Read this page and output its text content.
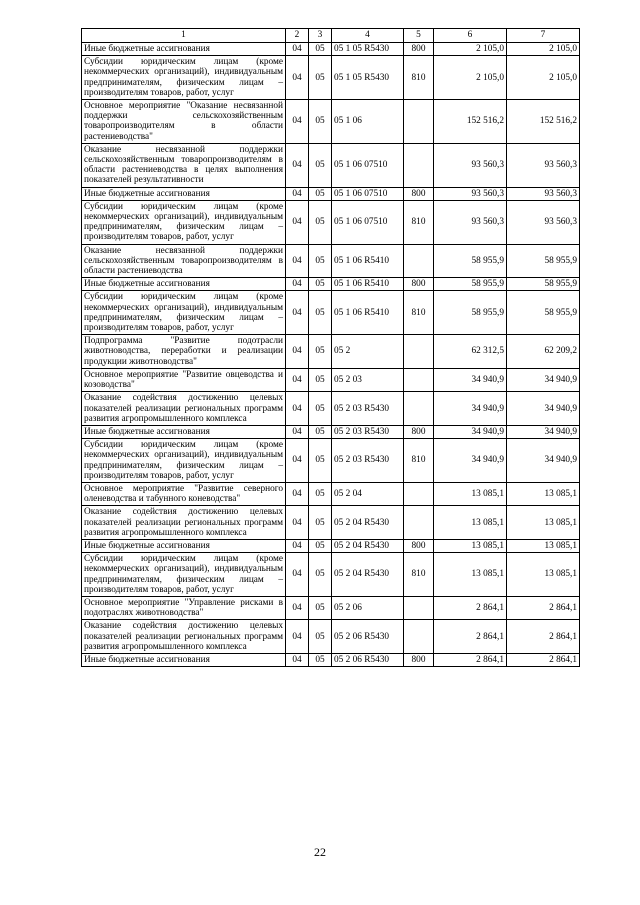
1	2	3	4	5	6	7
Иные бюджетные ассигнования	04	05	05 1 05 R5430	800	2 105,0	2 105,0
Субсидии юридическим лицам (кроме некоммерческих организаций), индивидуальным предпринимателям, физическим лицам – производителям товаров, работ, услуг	04	05	05 1 05 R5430	810	2 105,0	2 105,0
Основное мероприятие "Оказание несвязанной поддержки сельскохозяйственным товаропроизводителям в области растениеводства"	04	05	05 1 06		152 516,2	152 516,2
Оказание несвязанной поддержки сельскохозяйственным товаропроизводителям в области растениеводства в целях выполнения показателей результативности	04	05	05 1 06 07510		93 560,3	93 560,3
Иные бюджетные ассигнования	04	05	05 1 06 07510	800	93 560,3	93 560,3
Субсидии юридическим лицам (кроме некоммерческих организаций), индивидуальным предпринимателям, физическим лицам – производителям товаров, работ, услуг	04	05	05 1 06 07510	810	93 560,3	93 560,3
Оказание несвязанной поддержки сельскохозяйственным товаропроизводителям в области растениеводства	04	05	05 1 06 R5410		58 955,9	58 955,9
Иные бюджетные ассигнования	04	05	05 1 06 R5410	800	58 955,9	58 955,9
Субсидии юридическим лицам (кроме некоммерческих организаций), индивидуальным предпринимателям, физическим лицам – производителям товаров, работ, услуг	04	05	05 1 06 R5410	810	58 955,9	58 955,9
Подпрограмма "Развитие подотрасли животноводства, переработки и реализации продукции животноводства"	04	05	05 2		62 312,5	62 209,2
Основное мероприятие "Развитие овцеводства и козоводства"	04	05	05 2 03		34 940,9	34 940,9
Оказание содействия достижению целевых показателей реализации региональных программ развития агропромышленного комплекса	04	05	05 2 03 R5430		34 940,9	34 940,9
Иные бюджетные ассигнования	04	05	05 2 03 R5430	800	34 940,9	34 940,9
Субсидии юридическим лицам (кроме некоммерческих организаций), индивидуальным предпринимателям, физическим лицам – производителям товаров, работ, услуг	04	05	05 2 03 R5430	810	34 940,9	34 940,9
Основное мероприятие "Развитие северного оленеводства и табунного коневодства"	04	05	05 2 04		13 085,1	13 085,1
Оказание содействия достижению целевых показателей реализации региональных программ развития агропромышленного комплекса	04	05	05 2 04 R5430		13 085,1	13 085,1
Иные бюджетные ассигнования	04	05	05 2 04 R5430	800	13 085,1	13 085,1
Субсидии юридическим лицам (кроме некоммерческих организаций), индивидуальным предпринимателям, физическим лицам – производителям товаров, работ, услуг	04	05	05 2 04 R5430	810	13 085,1	13 085,1
Основное мероприятие "Управление рисками в подотраслях животноводства"	04	05	05 2 06		2 864,1	2 864,1
Оказание содействия достижению целевых показателей реализации региональных программ развития агропромышленного комплекса	04	05	05 2 06 R5430		2 864,1	2 864,1
Иные бюджетные ассигнования	04	05	05 2 06 R5430	800	2 864,1	2 864,1
22
